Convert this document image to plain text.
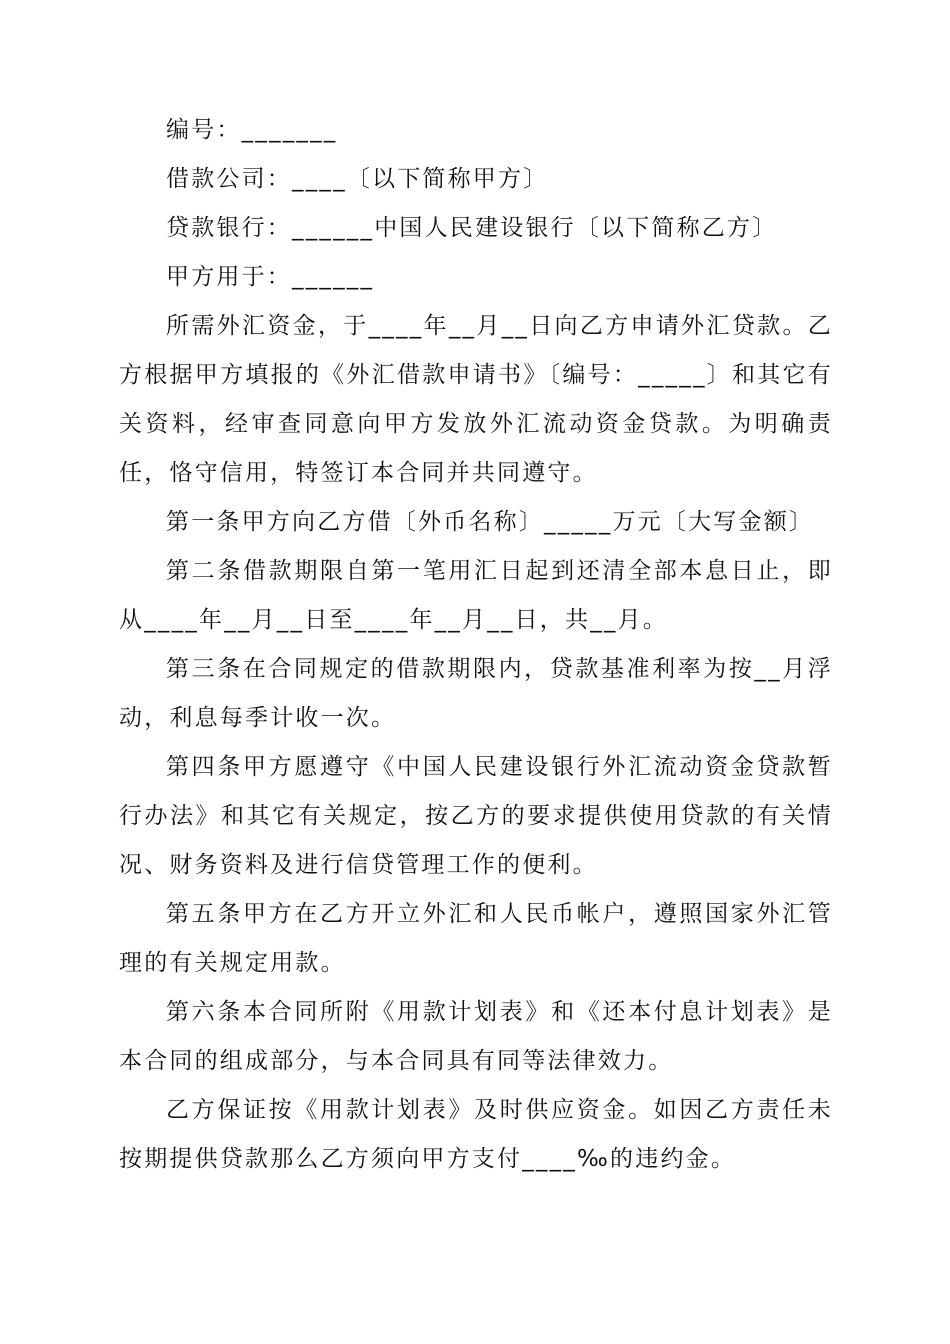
编号：_______

借款公司：____〔以下简称甲方〕

贷款银行：______中国人民建设银行〔以下简称乙方〕

甲方用于：______

所需外汇资金，于____年__月__日向乙方申请外汇贷款。乙方根据甲方填报的《外汇借款申请书》〔编号：_____〕和其它有关资料，经审查同意向甲方发放外汇流动资金贷款。为明确责任，恪守信用，特签订本合同并共同遵守。

第一条甲方向乙方借〔外币名称〕_____万元〔大写金额〕

第二条借款期限自第一笔用汇日起到还清全部本息日止，即从____年__月__日至____年__月__日，共__月。

第三条在合同规定的借款期限内，贷款基准利率为按__月浮动，利息每季计收一次。

第四条甲方愿遵守《中国人民建设银行外汇流动资金贷款暂行办法》和其它有关规定，按乙方的要求提供使用贷款的有关情况、财务资料及进行信贷管理工作的便利。

第五条甲方在乙方开立外汇和人民币帐户，遵照国家外汇管理的有关规定用款。

第六条本合同所附《用款计划表》和《还本付息计划表》是本合同的组成部分，与本合同具有同等法律效力。

乙方保证按《用款计划表》及时供应资金。如因乙方责任未按期提供贷款那么乙方须向甲方支付____‰的违约金。
